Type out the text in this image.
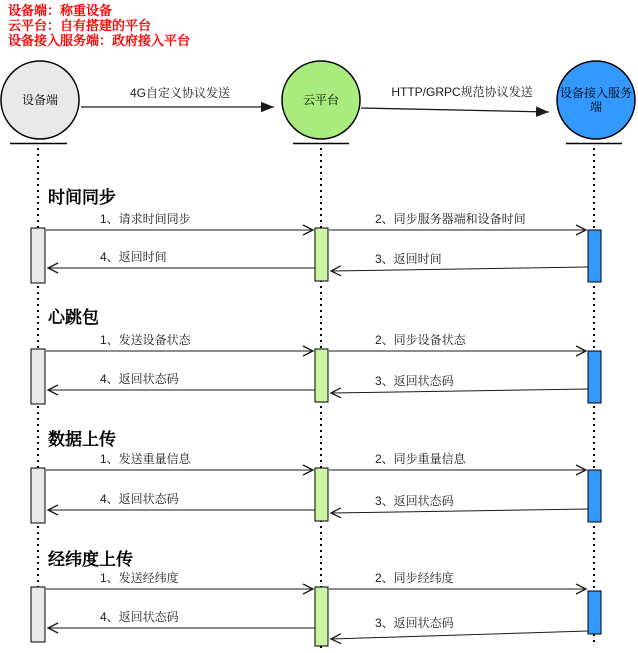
设备端：称重设备
云平台：自有搭建的平台
设备接入服务端：政府接入平台
设备端	云平台	设备接入服务端
4G自定义协议发送	HTTP/GRPC规范协议发送
时间同步
心跳包
数据上传
经纬度上传
1、请求时间同步	2、同步服务器端和设备时间
3、返回时间
4、返回时间
1、发送设备状态	2、同步设备状态
3、返回状态码
4、返回状态码
1、发送重量信息	2、同步重量信息
3、返回状态码
4、返回状态码
1、发送经纬度	2、同步经纬度
3、返回状态码
4、返回状态码
